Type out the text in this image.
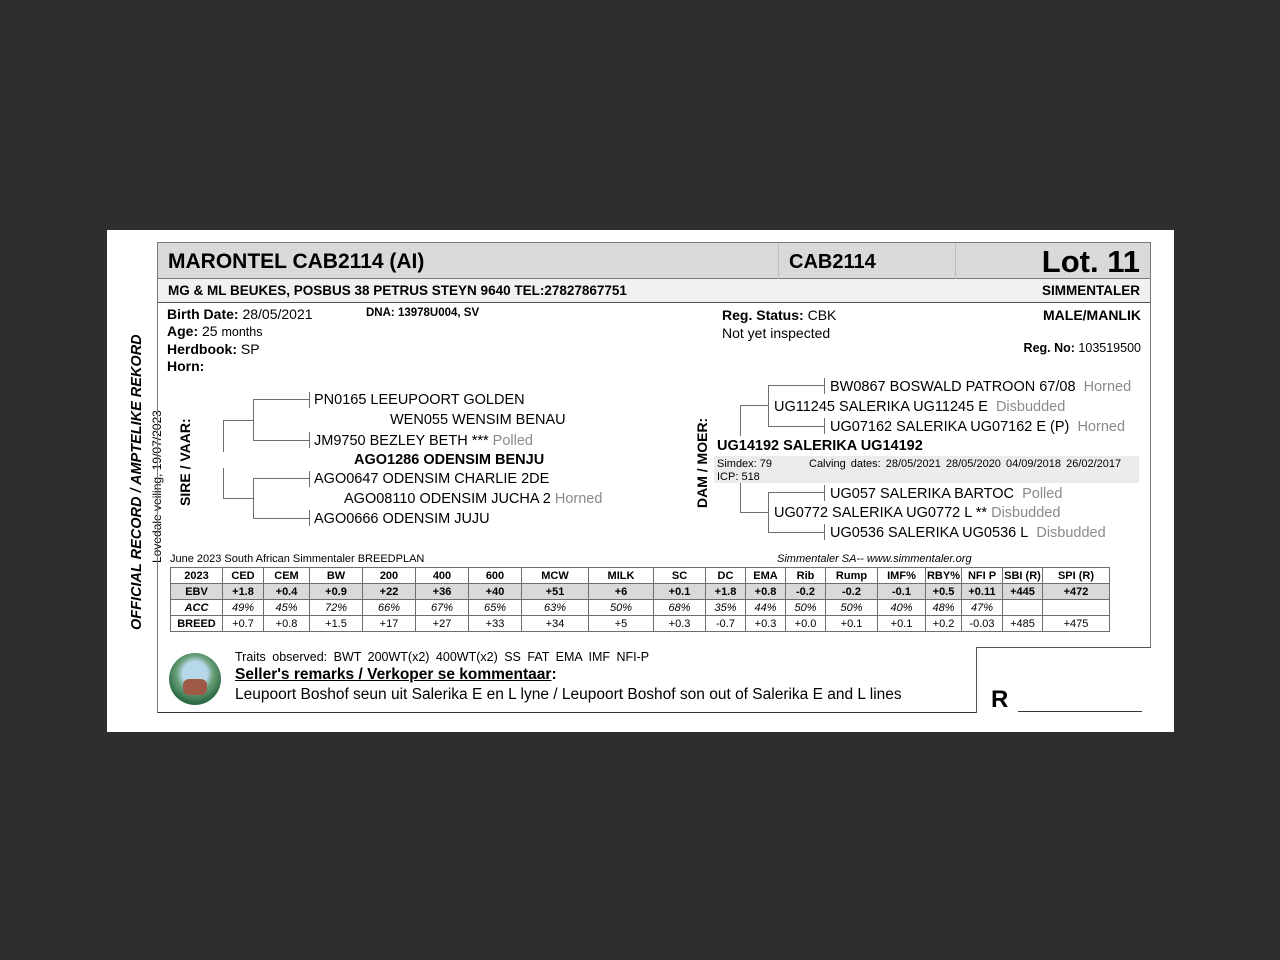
OFFICIAL RECORD / AMPTELIKE REKORD Lovedale veiling, 19/07/2023
MARONTEL CAB2114 (AI)	CAB2114	Lot. 11
MG & ML BEUKES, POSBUS 38 PETRUS STEYN 9640 TEL:27827867751	SIMMENTALER
Birth Date: 28/05/2021
Age: 25 months
Herdbook: SP
Horn:
DNA: 13978U004, SV	Reg. Status: CBK
Not yet inspected
MALE/MANLIK
Reg. No: 103519500
SIRE / VAAR:
PN0165 LEEUPOORT GOLDEN
WEN055 WENSIM BENAU
JM9750 BEZLEY BETH *** Polled
AGO1286 ODENSIM BENJU
AGO0647 ODENSIM CHARLIE 2DE
AGO08110 ODENSIM JUCHA 2 Horned
AGO0666 ODENSIM JUJU
DAM / MOER:
BW0867 BOSWALD PATROON 67/08 Horned
UG11245 SALERIKA UG11245 E Disbudded
UG07162 SALERIKA UG07162 E (P) Horned
UG14192 SALERIKA UG14192
Simdex: 79
ICP: 518
Calving dates: 28/05/2021 28/05/2020 04/09/2018 26/02/2017
UG057 SALERIKA BARTOC Polled
UG0772 SALERIKA UG0772 L ** Disbudded
UG0536 SALERIKA UG0536 L Disbudded
June 2023 South African Simmentaler BREEDPLAN	Simmentaler SA-- www.simmentaler.org
2023	CED	CEM	BW	200	400	600	MCW	MILK	SC	DC	EMA	Rib	Rump	IMF%	RBY%	NFI P	SBI (R)	SPI (R)
EBV	+1.8	+0.4	+0.9	+22	+36	+40	+51	+6	+0.1	+1.8	+0.8	-0.2	-0.2	-0.1	+0.5	+0.11	+445	+472
ACC	49%	45%	72%	66%	67%	65%	63%	50%	68%	35%	44%	50%	50%	40%	48%	47%		
BREED	+0.7	+0.8	+1.5	+17	+27	+33	+34	+5	+0.3	-0.7	+0.3	+0.0	+0.1	+0.1	+0.2	-0.03	+485	+475
Traits observed: BWT 200WT(x2) 400WT(x2) SS FAT EMA IMF NFI-P
Seller's remarks / Verkoper se kommentaar:
Leupoort Boshof seun uit Salerika E en L lyne / Leupoort Boshof son out of Salerika E and L lines	R
